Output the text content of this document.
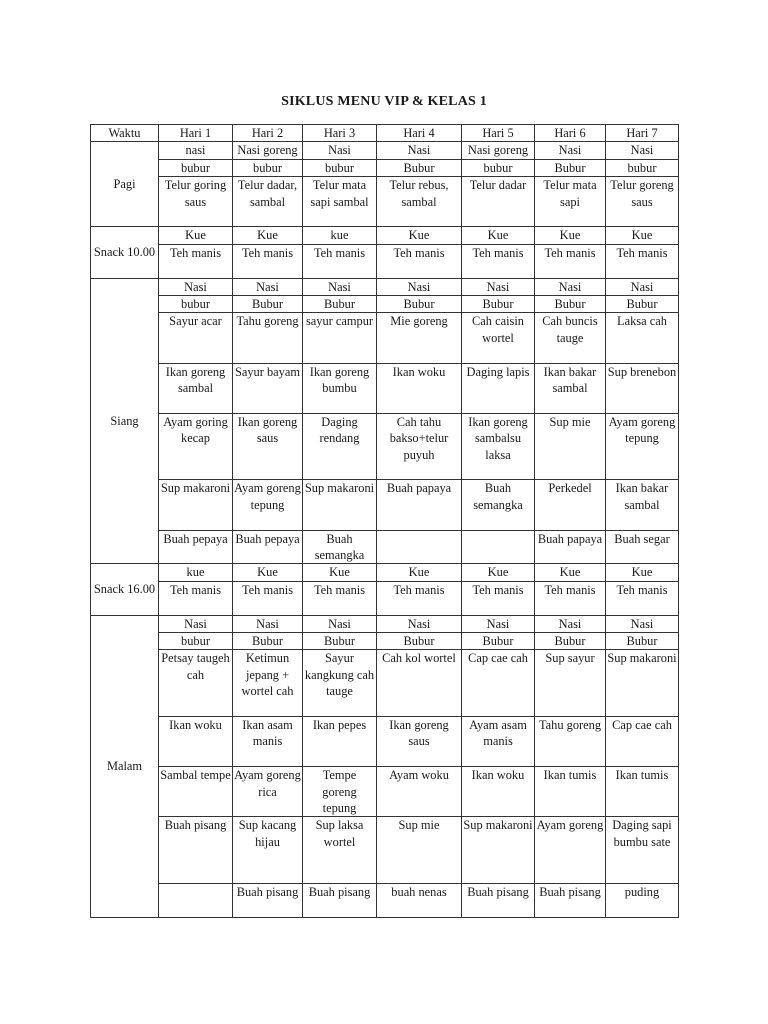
SIKLUS MENU VIP & KELAS 1
Waktu	Hari 1	Hari 2	Hari 3	Hari 4	Hari 5	Hari 6	Hari 7
Pagi	nasi	Nasi goreng	Nasi	Nasi	Nasi goreng	Nasi	Nasi
	bubur	bubur	bubur	Bubur	bubur	Bubur	bubur
	Telur goring saus	Telur dadar, sambal	Telur mata sapi sambal	Telur rebus, sambal	Telur dadar	Telur mata sapi	Telur goreng saus
Snack 10.00	Kue	Kue	kue	Kue	Kue	Kue	Kue
	Teh manis	Teh manis	Teh manis	Teh manis	Teh manis	Teh manis	Teh manis
Siang	Nasi	Nasi	Nasi	Nasi	Nasi	Nasi	Nasi
	bubur	Bubur	Bubur	Bubur	Bubur	Bubur	Bubur
	Sayur acar	Tahu goreng	sayur campur	Mie goreng	Cah caisin wortel	Cah buncis tauge	Laksa cah
	Ikan goreng sambal	Sayur bayam	Ikan goreng bumbu	Ikan woku	Daging lapis	Ikan bakar sambal	Sup brenebon
	Ayam goring kecap	Ikan goreng saus	Daging rendang	Cah tahu bakso+telur puyuh	Ikan goreng sambalsu laksa	Sup mie	Ayam goreng tepung
	Sup makaroni	Ayam goreng tepung	Sup makaroni	Buah papaya	Buah semangka	Perkedel	Ikan bakar sambal
	Buah pepaya	Buah pepaya	Buah semangka			Buah papaya	Buah segar
Snack 16.00	kue	Kue	Kue	Kue	Kue	Kue	Kue
	Teh manis	Teh manis	Teh manis	Teh manis	Teh manis	Teh manis	Teh manis
Malam	Nasi	Nasi	Nasi	Nasi	Nasi	Nasi	Nasi
	bubur	Bubur	Bubur	Bubur	Bubur	Bubur	Bubur
	Petsay taugeh cah	Ketimun jepang + wortel cah	Sayur kangkung cah tauge	Cah kol wortel	Cap cae cah	Sup sayur	Sup makaroni
	Ikan woku	Ikan asam manis	Ikan pepes	Ikan goreng saus	Ayam asam manis	Tahu goreng	Cap cae cah
	Sambal tempe	Ayam goreng rica	Tempe goreng tepung	Ayam woku	Ikan woku	Ikan tumis	Ikan tumis
	Buah pisang	Sup kacang hijau	Sup laksa wortel	Sup mie	Sup makaroni	Ayam goreng	Daging sapi bumbu sate
		Buah pisang	Buah pisang	buah nenas	Buah pisang	Buah pisang	puding
